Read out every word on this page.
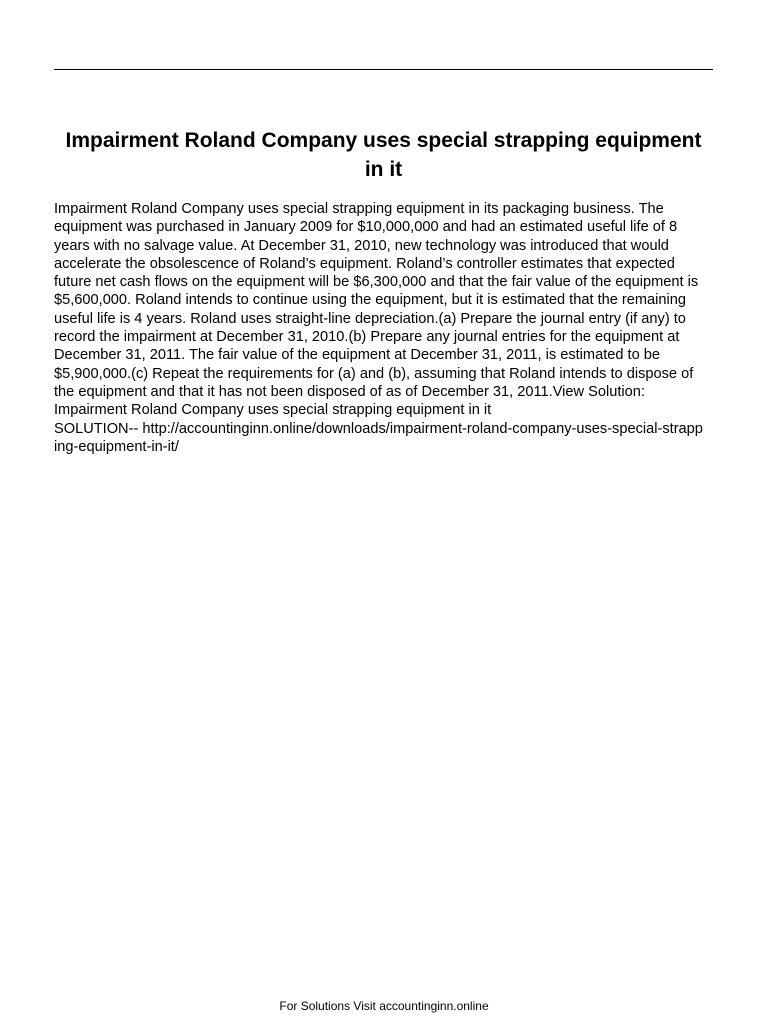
Impairment Roland Company uses special strapping equipment in it

Impairment Roland Company uses special strapping equipment in its packaging business. The equipment was purchased in January 2009 for $10,000,000 and had an estimated useful life of 8 years with no salvage value. At December 31, 2010, new technology was introduced that would accelerate the obsolescence of Roland’s equipment. Roland’s controller estimates that expected future net cash flows on the equipment will be $6,300,000 and that the fair value of the equipment is $5,600,000. Roland intends to continue using the equipment, but it is estimated that the remaining useful life is 4 years. Roland uses straight-line depreciation.(a) Prepare the journal entry (if any) to record the impairment at December 31, 2010.(b) Prepare any journal entries for the equipment at December 31, 2011. The fair value of the equipment at December 31, 2011, is estimated to be $5,900,000.(c) Repeat the requirements for (a) and (b), assuming that Roland intends to dispose of the equipment and that it has not been disposed of as of December 31, 2011.View Solution:

Impairment Roland Company uses special strapping equipment in it

SOLUTION-- http://accountinginn.online/downloads/impairment-roland-company-uses-special-strapping-equipment-in-it/

For Solutions Visit accountinginn.online
